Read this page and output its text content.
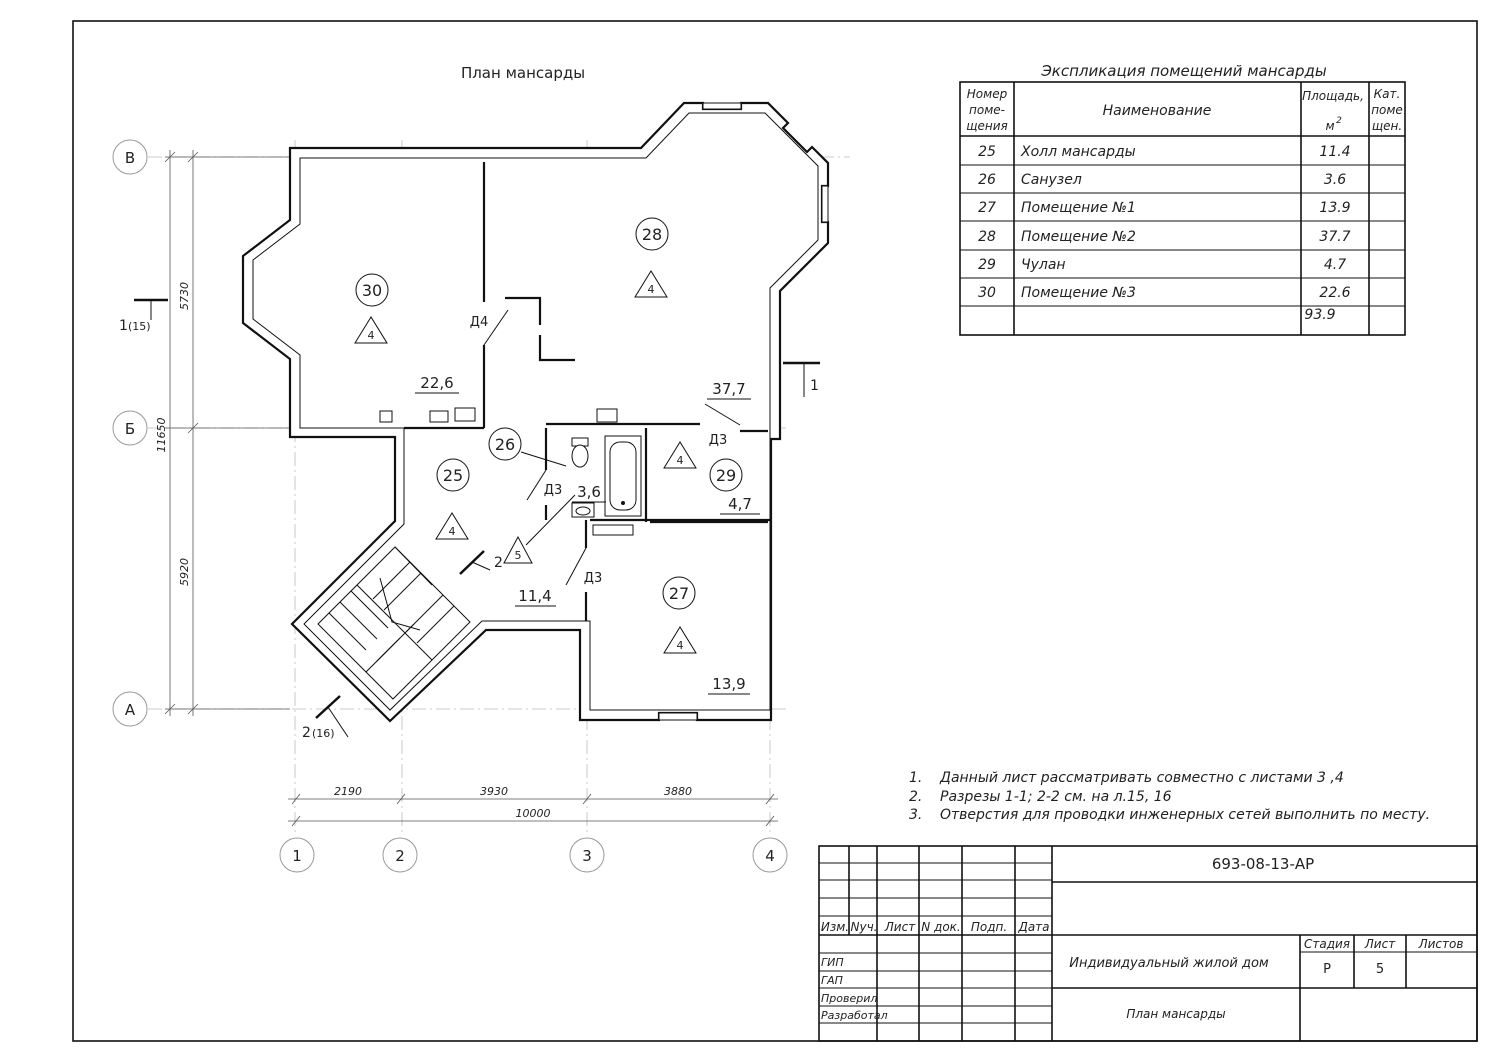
План мансарды
В
Б
А
1	2	3	4
5730
11650
5920
2190	3930	3880
10000
30
4
22,6
28
4
37,7
26
5
3,6
25
4
11,4
29
4
4,7
27
4
13,9
Д4
Д3
Д3
Д3
1 (15)
1
2
2 (16)
Экспликация помещений мансарды
Номер
поме-
щения
Наименование
Площадь,
м 2
Кат.
поме
щен.
25 Холл мансарды	11.4
26 Санузел	3.6
27 Помещение №1	13.9
28 Помещение №2	37.7
29 Чулан	4.7
30 Помещение №3	22.6
93.9
1. Данный лист рассматривать совместно с листами 3 ,4
2. Разрезы 1-1; 2-2 см. на л.15, 16
3. Отверстия для проводки инженерных сетей выполнить по месту.
693-08-13-АР
Изм. Nуч. Лист N док. Подп. Дата
ГИП
ГАП
Проверил
Разработал
Индивидуальный жилой дом
План мансарды
Стадия Лист Листов
Р	5
